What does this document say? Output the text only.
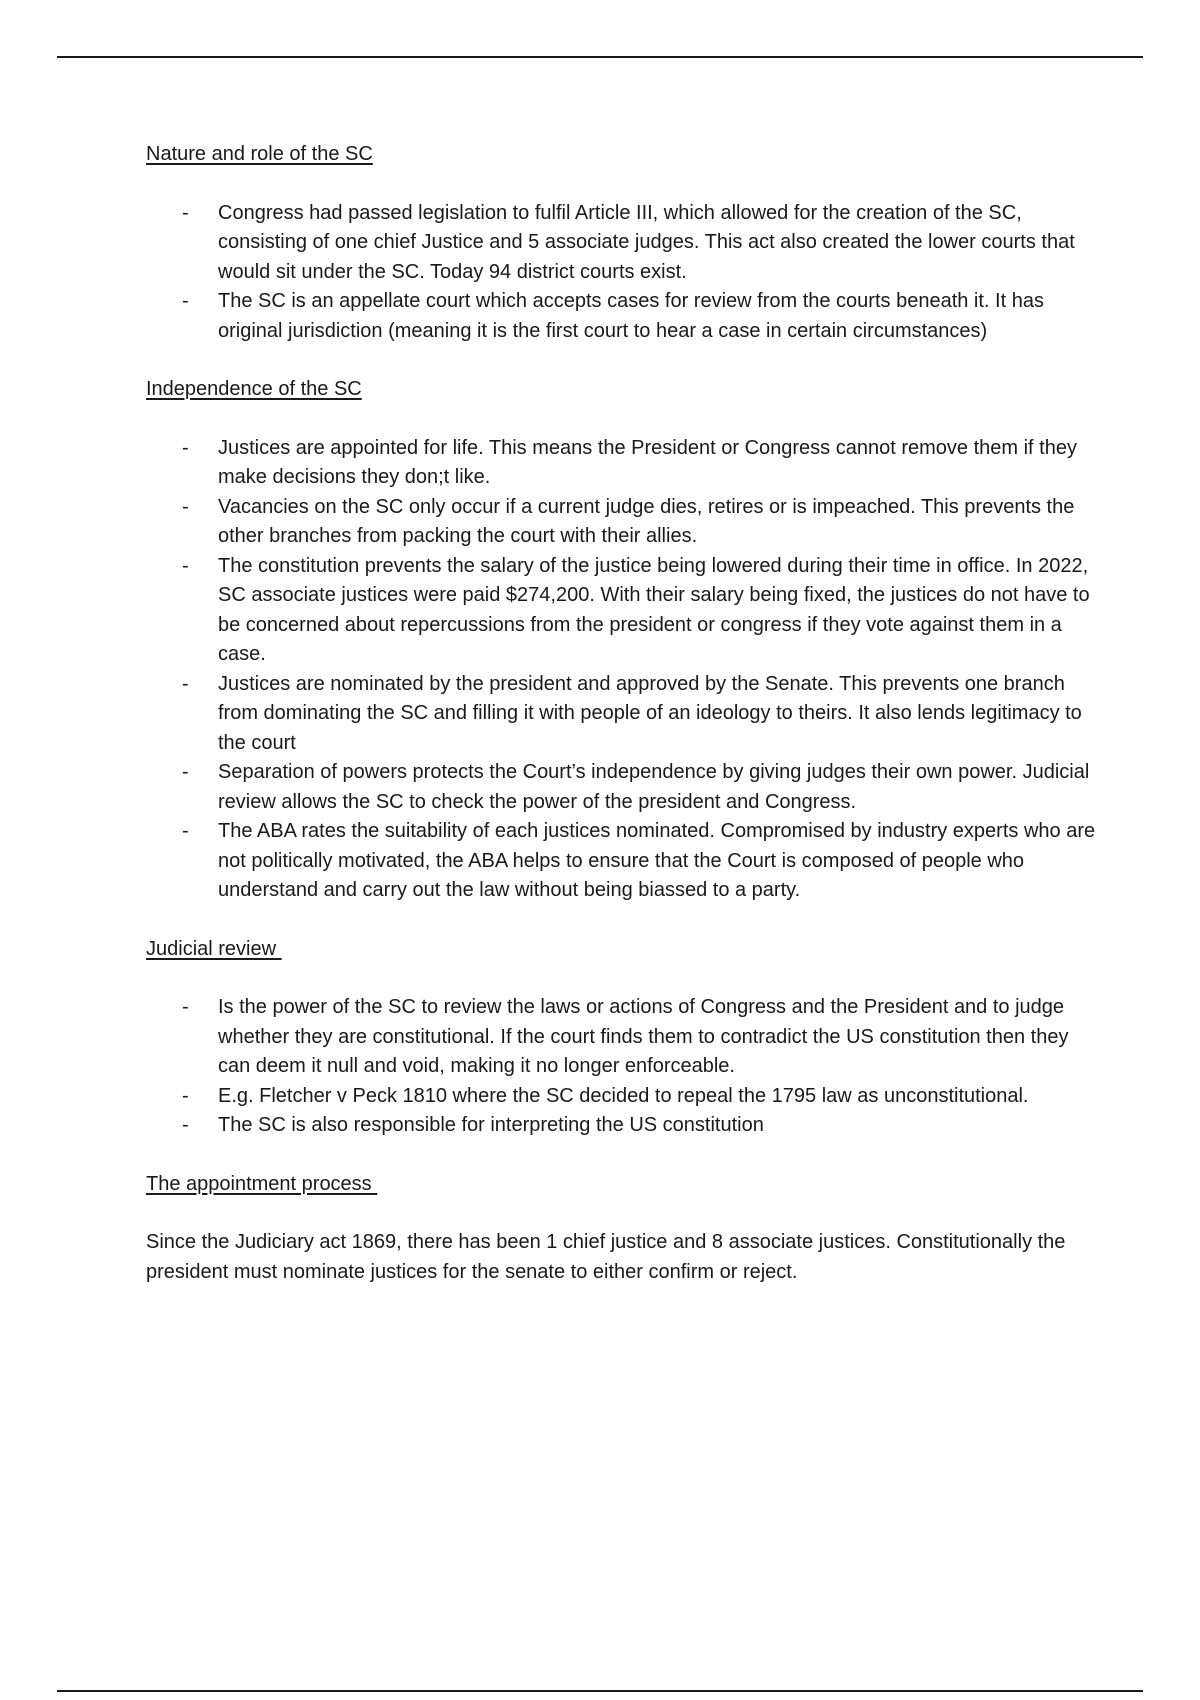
Nature and role of the SC

- Congress had passed legislation to fulfil Article III, which allowed for the creation of the SC, consisting of one chief Justice and 5 associate judges. This act also created the lower courts that would sit under the SC. Today 94 district courts exist.
- The SC is an appellate court which accepts cases for review from the courts beneath it. It has original jurisdiction (meaning it is the first court to hear a case in certain circumstances)

Independence of the SC

- Justices are appointed for life. This means the President or Congress cannot remove them if they make decisions they don;t like.
- Vacancies on the SC only occur if a current judge dies, retires or is impeached. This prevents the other branches from packing the court with their allies.
- The constitution prevents the salary of the justice being lowered during their time in office. In 2022, SC associate justices were paid $274,200. With their salary being fixed, the justices do not have to be concerned about repercussions from the president or congress if they vote against them in a case.
- Justices are nominated by the president and approved by the Senate. This prevents one branch from dominating the SC and filling it with people of an ideology to theirs. It also lends legitimacy to the court
- Separation of powers protects the Court’s independence by giving judges their own power. Judicial review allows the SC to check the power of the president and Congress.
- The ABA rates the suitability of each justices nominated. Compromised by industry experts who are not politically motivated, the ABA helps to ensure that the Court is composed of people who understand and carry out the law without being biassed to a party.

Judicial review

- Is the power of the SC to review the laws or actions of Congress and the President and to judge whether they are constitutional. If the court finds them to contradict the US constitution then they can deem it null and void, making it no longer enforceable.
- E.g. Fletcher v Peck 1810 where the SC decided to repeal the 1795 law as unconstitutional.
- The SC is also responsible for interpreting the US constitution

The appointment process

Since the Judiciary act 1869, there has been 1 chief justice and 8 associate justices. Constitutionally the president must nominate justices for the senate to either confirm or reject.
